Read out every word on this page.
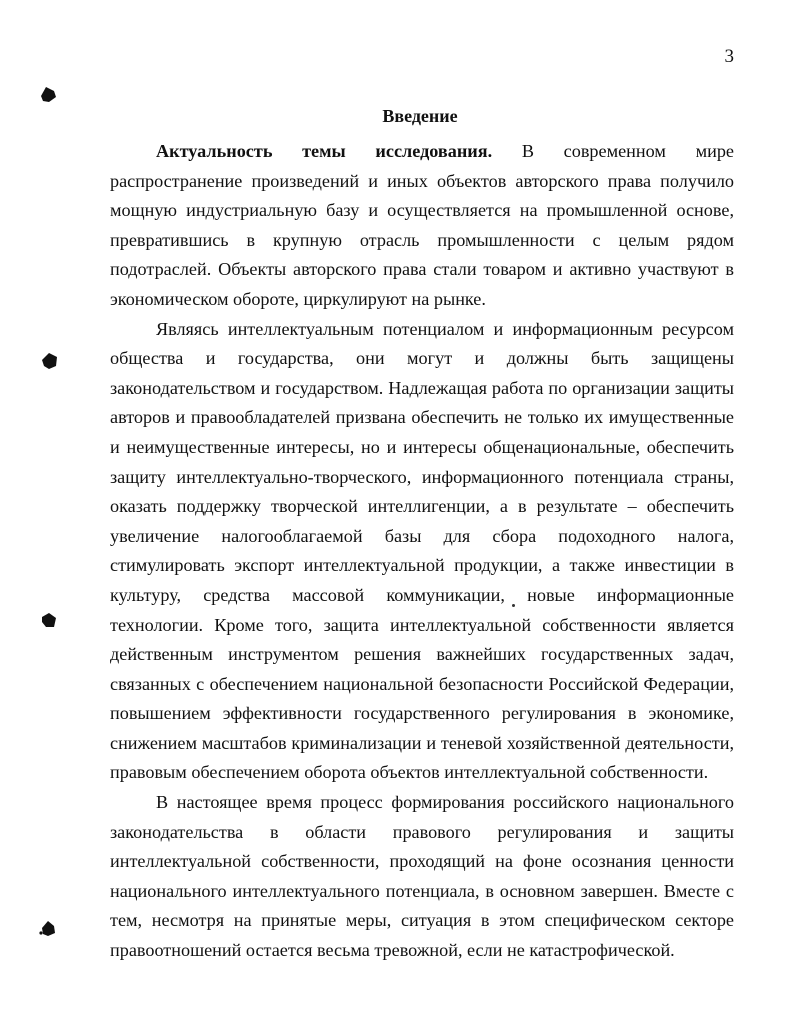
3
Введение

Актуальность темы исследования. В современном мире распространение произведений и иных объектов авторского права получило мощную индустриальную базу и осуществляется на промышленной основе, превратившись в крупную отрасль промышленности с целым рядом подотраслей. Объекты авторского права стали товаром и активно участвуют в экономическом обороте, циркулируют на рынке.

Являясь интеллектуальным потенциалом и информационным ресурсом общества и государства, они могут и должны быть защищены законодательством и государством. Надлежащая работа по организации защиты авторов и правообладателей призвана обеспечить не только их имущественные и неимущественные интересы, но и интересы общенациональные, обеспечить защиту интеллектуально-творческого, информационного потенциала страны, оказать поддержку творческой интеллигенции, а в результате – обеспечить увеличение налогооблагаемой базы для сбора подоходного налога, стимулировать экспорт интеллектуальной продукции, а также инвестиции в культуру, средства массовой коммуникации, новые информационные технологии. Кроме того, защита интеллектуальной собственности является действенным инструментом решения важнейших государственных задач, связанных с обеспечением национальной безопасности Российской Федерации, повышением эффективности государственного регулирования в экономике, снижением масштабов криминализации и теневой хозяйственной деятельности, правовым обеспечением оборота объектов интеллектуальной собственности.

В настоящее время процесс формирования российского национального законодательства в области правового регулирования и защиты интеллектуальной собственности, проходящий на фоне осознания ценности национального интеллектуального потенциала, в основном завершен. Вместе с тем, несмотря на принятые меры, ситуация в этом специфическом секторе правоотношений остается весьма тревожной, если не катастрофической.
